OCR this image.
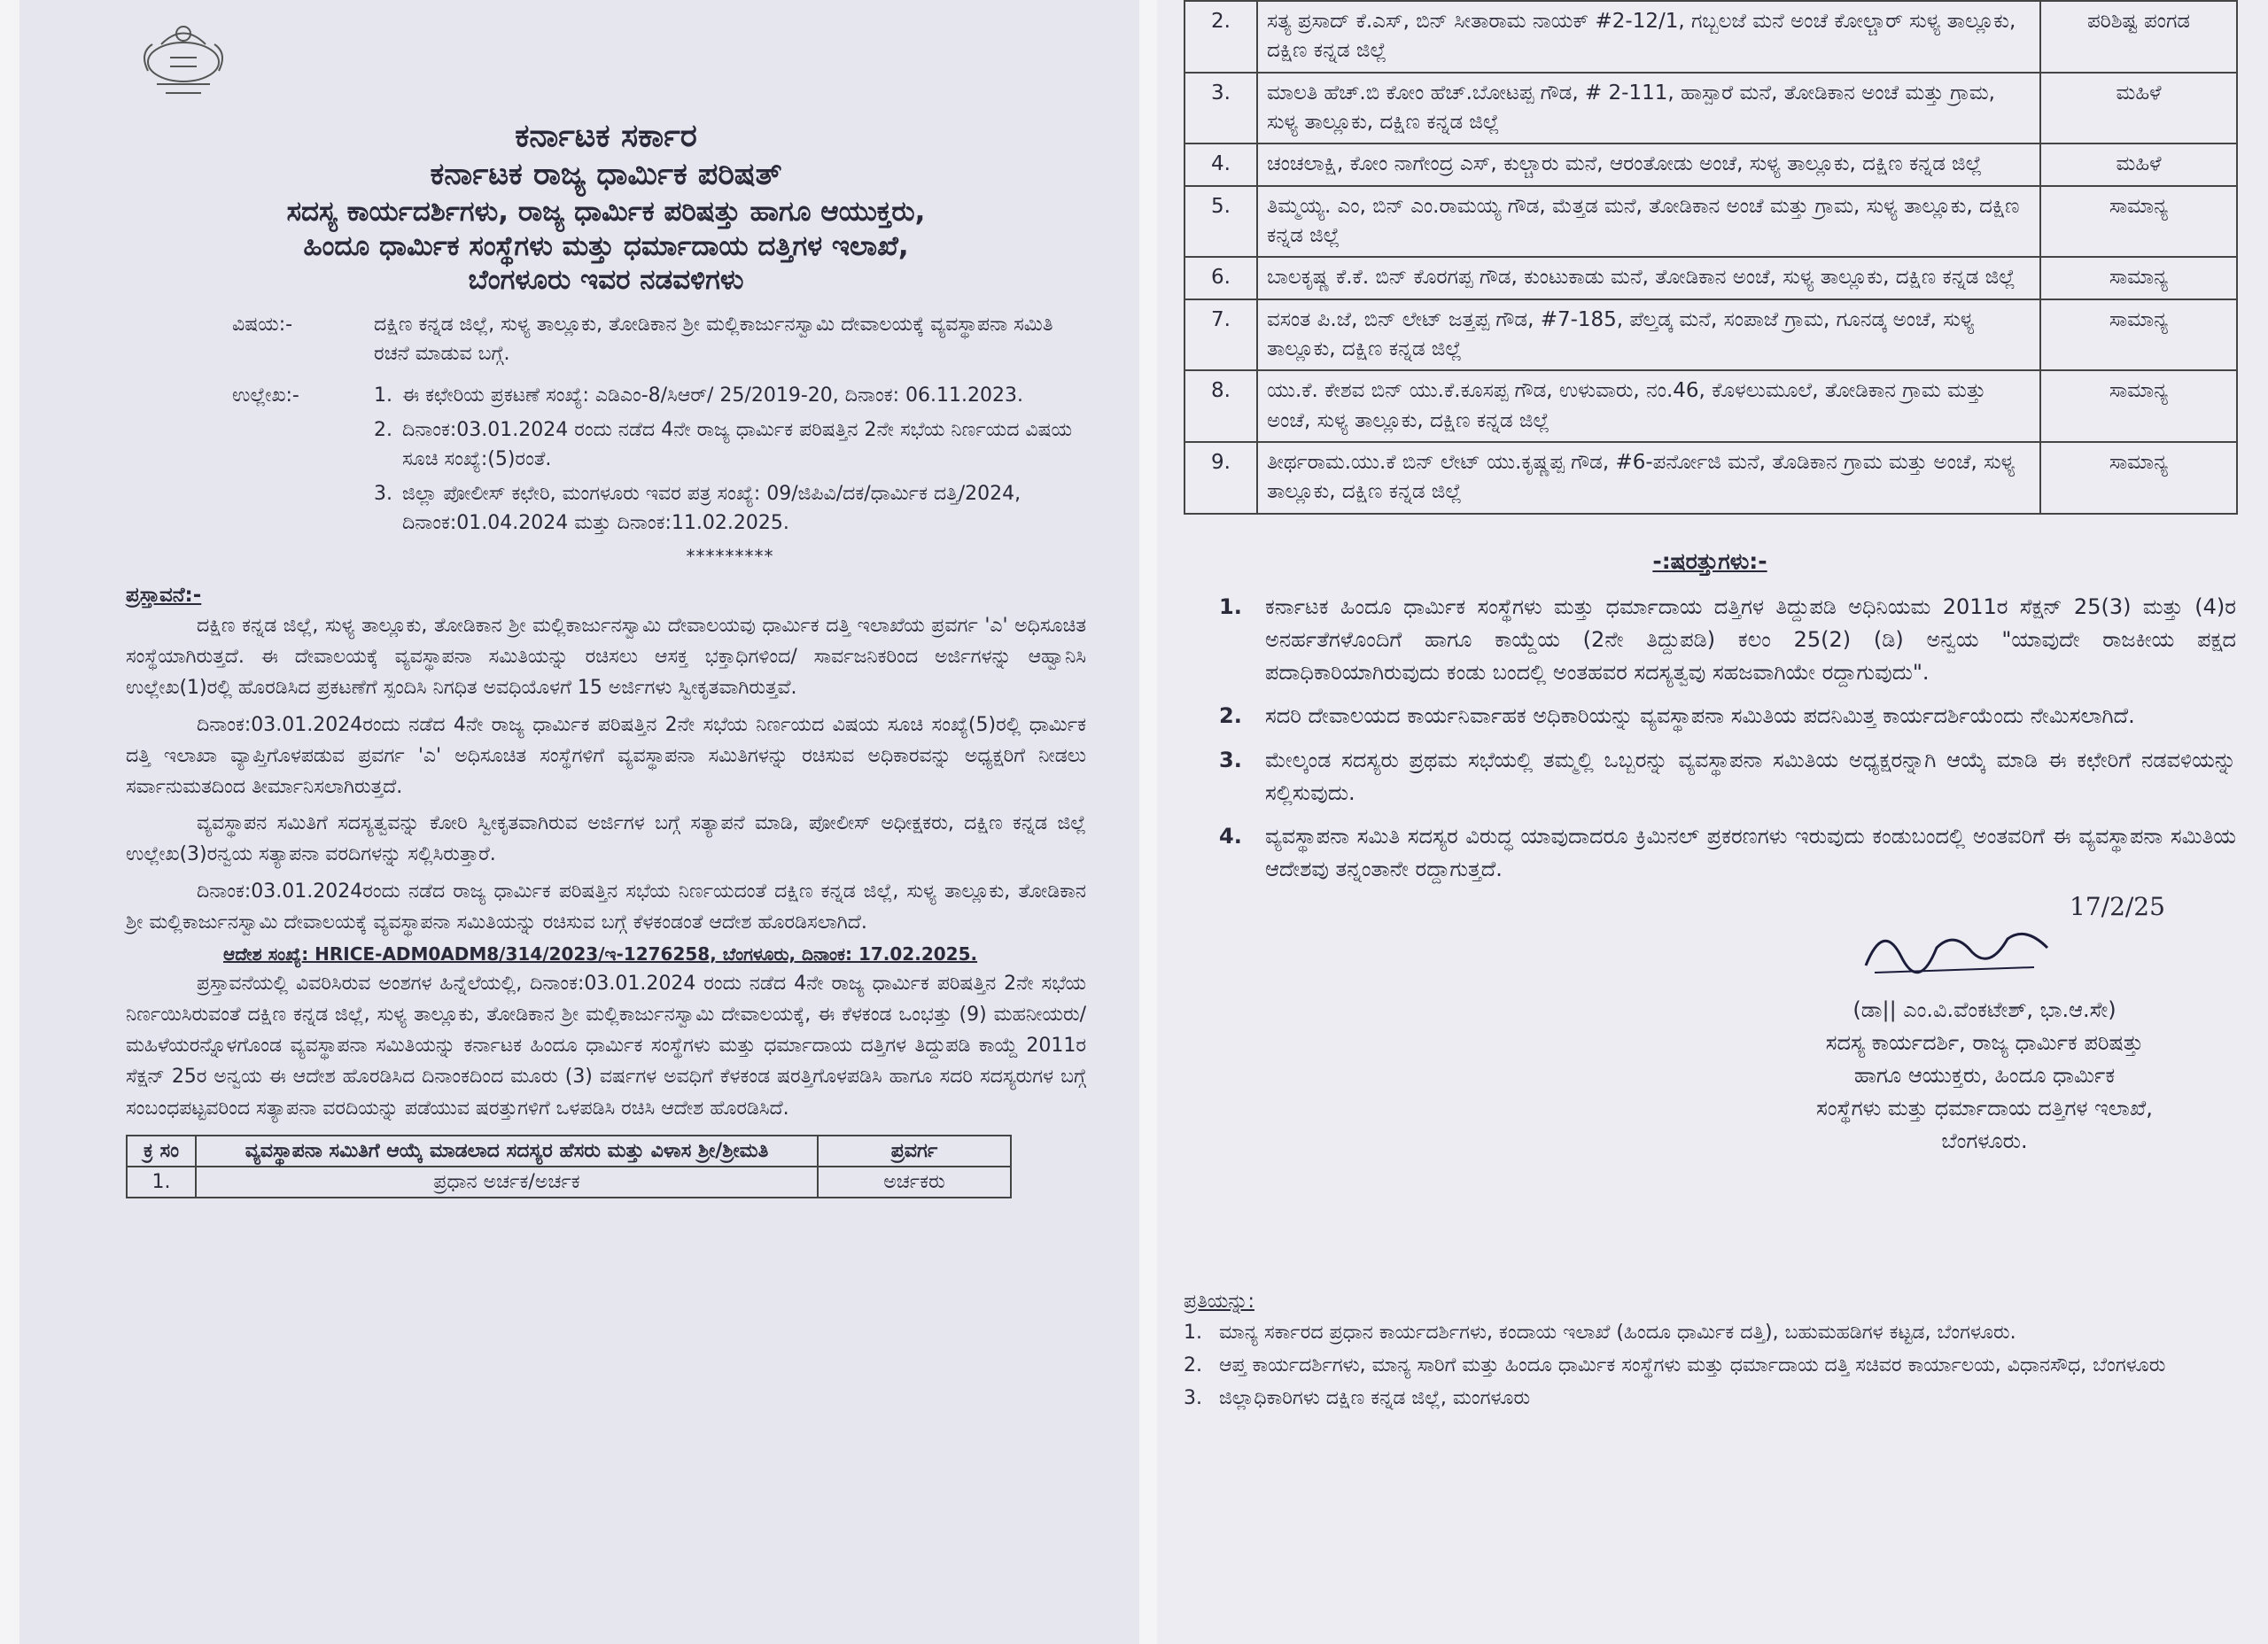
ಕರ್ನಾಟಕ ಸರ್ಕಾರ
ಕರ್ನಾಟಕ ರಾಜ್ಯ ಧಾರ್ಮಿಕ ಪರಿಷತ್
ಸದಸ್ಯ ಕಾರ್ಯದರ್ಶಿಗಳು, ರಾಜ್ಯ ಧಾರ್ಮಿಕ ಪರಿಷತ್ತು ಹಾಗೂ ಆಯುಕ್ತರು,
ಹಿಂದೂ ಧಾರ್ಮಿಕ ಸಂಸ್ಥೆಗಳು ಮತ್ತು ಧರ್ಮಾದಾಯ ದತ್ತಿಗಳ ಇಲಾಖೆ,
ಬೆಂಗಳೂರು ಇವರ ನಡವಳಿಗಳು
ವಿಷಯ:-	ದಕ್ಷಿಣ ಕನ್ನಡ ಜಿಲ್ಲೆ, ಸುಳ್ಯ ತಾಲ್ಲೂಕು, ತೋಡಿಕಾನ ಶ್ರೀ ಮಲ್ಲಿಕಾರ್ಜುನಸ್ವಾಮಿ ದೇವಾಲಯಕ್ಕೆ ವ್ಯವಸ್ಥಾಪನಾ ಸಮಿತಿ ರಚನೆ ಮಾಡುವ ಬಗ್ಗೆ.
ಉಲ್ಲೇಖ:-	1. ಈ ಕಛೇರಿಯ ಪ್ರಕಟಣೆ ಸಂಖ್ಯೆ: ಎಡಿಎಂ-8/ಸಿಆರ್/ 25/2019-20, ದಿನಾಂಕ: 06.11.2023.
2. ದಿನಾಂಕ:03.01.2024 ರಂದು ನಡೆದ 4ನೇ ರಾಜ್ಯ ಧಾರ್ಮಿಕ ಪರಿಷತ್ತಿನ 2ನೇ ಸಭೆಯ ನಿರ್ಣಯದ ವಿಷಯ ಸೂಚಿ ಸಂಖ್ಯೆ:(5)ರಂತೆ.
3. ಜಿಲ್ಲಾ ಪೋಲೀಸ್ ಕಛೇರಿ, ಮಂಗಳೂರು ಇವರ ಪತ್ರ ಸಂಖ್ಯೆ: 09/ಜಿಪಿವಿ/ದಕ/ಧಾರ್ಮಿಕ ದತ್ತಿ/2024, ದಿನಾಂಕ:01.04.2024 ಮತ್ತು ದಿನಾಂಕ:11.02.2025.
*********
ಪ್ರಸ್ತಾವನೆ:-

ದಕ್ಷಿಣ ಕನ್ನಡ ಜಿಲ್ಲೆ, ಸುಳ್ಯ ತಾಲ್ಲೂಕು, ತೋಡಿಕಾನ ಶ್ರೀ ಮಲ್ಲಿಕಾರ್ಜುನಸ್ವಾಮಿ ದೇವಾಲಯವು ಧಾರ್ಮಿಕ ದತ್ತಿ ಇಲಾಖೆಯ ಪ್ರವರ್ಗ 'ಎ' ಅಧಿಸೂಚಿತ ಸಂಸ್ಥೆಯಾಗಿರುತ್ತದೆ. ಈ ದೇವಾಲಯಕ್ಕೆ ವ್ಯವಸ್ಥಾಪನಾ ಸಮಿತಿಯನ್ನು ರಚಿಸಲು ಆಸಕ್ತ ಭಕ್ತಾಧಿಗಳಿಂದ/ ಸಾರ್ವಜನಿಕರಿಂದ ಅರ್ಜಿಗಳನ್ನು ಆಹ್ವಾನಿಸಿ ಉಲ್ಲೇಖ(1)ರಲ್ಲಿ ಹೊರಡಿಸಿದ ಪ್ರಕಟಣೆಗೆ ಸ್ಪಂದಿಸಿ ನಿಗಧಿತ ಅವಧಿಯೊಳಗೆ 15 ಅರ್ಜಿಗಳು ಸ್ವೀಕೃತವಾಗಿರುತ್ತವೆ.

ದಿನಾಂಕ:03.01.2024ರಂದು ನಡೆದ 4ನೇ ರಾಜ್ಯ ಧಾರ್ಮಿಕ ಪರಿಷತ್ತಿನ 2ನೇ ಸಭೆಯ ನಿರ್ಣಯದ ವಿಷಯ ಸೂಚಿ ಸಂಖ್ಯೆ(5)ರಲ್ಲಿ ಧಾರ್ಮಿಕ ದತ್ತಿ ಇಲಾಖಾ ವ್ಯಾಪ್ತಿಗೊಳಪಡುವ ಪ್ರವರ್ಗ 'ಎ' ಅಧಿಸೂಚಿತ ಸಂಸ್ಥೆಗಳಿಗೆ ವ್ಯವಸ್ಥಾಪನಾ ಸಮಿತಿಗಳನ್ನು ರಚಿಸುವ ಅಧಿಕಾರವನ್ನು ಅಧ್ಯಕ್ಷರಿಗೆ ನೀಡಲು ಸರ್ವಾನುಮತದಿಂದ ತೀರ್ಮಾನಿಸಲಾಗಿರುತ್ತದೆ.

ವ್ಯವಸ್ಥಾಪನ ಸಮಿತಿಗೆ ಸದಸ್ಯತ್ವವನ್ನು ಕೋರಿ ಸ್ವೀಕೃತವಾಗಿರುವ ಅರ್ಜಿಗಳ ಬಗ್ಗೆ ಸತ್ಯಾಪನೆ ಮಾಡಿ, ಪೋಲೀಸ್ ಅಧೀಕ್ಷಕರು, ದಕ್ಷಿಣ ಕನ್ನಡ ಜಿಲ್ಲೆ ಉಲ್ಲೇಖ(3)ರನ್ವಯ ಸತ್ಯಾಪನಾ ವರದಿಗಳನ್ನು ಸಲ್ಲಿಸಿರುತ್ತಾರೆ.

ದಿನಾಂಕ:03.01.2024ರಂದು ನಡೆದ ರಾಜ್ಯ ಧಾರ್ಮಿಕ ಪರಿಷತ್ತಿನ ಸಭೆಯ ನಿರ್ಣಯದಂತೆ ದಕ್ಷಿಣ ಕನ್ನಡ ಜಿಲ್ಲೆ, ಸುಳ್ಯ ತಾಲ್ಲೂಕು, ತೋಡಿಕಾನ ಶ್ರೀ ಮಲ್ಲಿಕಾರ್ಜುನಸ್ವಾಮಿ ದೇವಾಲಯಕ್ಕೆ ವ್ಯವಸ್ಥಾಪನಾ ಸಮಿತಿಯನ್ನು ರಚಿಸುವ ಬಗ್ಗೆ ಕೆಳಕಂಡಂತೆ ಆದೇಶ ಹೊರಡಿಸಲಾಗಿದೆ.

ಆದೇಶ ಸಂಖ್ಯೆ: HRICE-ADM0ADM8/314/2023/ಇ-1276258, ಬೆಂಗಳೂರು, ದಿನಾಂಕ: 17.02.2025.

ಪ್ರಸ್ತಾವನೆಯಲ್ಲಿ ವಿವರಿಸಿರುವ ಅಂಶಗಳ ಹಿನ್ನೆಲೆಯಲ್ಲಿ, ದಿನಾಂಕ:03.01.2024 ರಂದು ನಡೆದ 4ನೇ ರಾಜ್ಯ ಧಾರ್ಮಿಕ ಪರಿಷತ್ತಿನ 2ನೇ ಸಭೆಯ ನಿರ್ಣಯಿಸಿರುವಂತೆ ದಕ್ಷಿಣ ಕನ್ನಡ ಜಿಲ್ಲೆ, ಸುಳ್ಯ ತಾಲ್ಲೂಕು, ತೋಡಿಕಾನ ಶ್ರೀ ಮಲ್ಲಿಕಾರ್ಜುನಸ್ವಾಮಿ ದೇವಾಲಯಕ್ಕೆ, ಈ ಕೆಳಕಂಡ ಒಂಭತ್ತು (9) ಮಹನೀಯರು/ಮಹಿಳೆಯರನ್ನೊಳಗೊಂಡ ವ್ಯವಸ್ಥಾಪನಾ ಸಮಿತಿಯನ್ನು ಕರ್ನಾಟಕ ಹಿಂದೂ ಧಾರ್ಮಿಕ ಸಂಸ್ಥೆಗಳು ಮತ್ತು ಧರ್ಮಾದಾಯ ದತ್ತಿಗಳ ತಿದ್ದುಪಡಿ ಕಾಯ್ದೆ 2011ರ ಸೆಕ್ಷನ್ 25ರ ಅನ್ವಯ ಈ ಆದೇಶ ಹೊರಡಿಸಿದ ದಿನಾಂಕದಿಂದ ಮೂರು (3) ವರ್ಷಗಳ ಅವಧಿಗೆ ಕೆಳಕಂಡ ಷರತ್ತಿಗೊಳಪಡಿಸಿ ಹಾಗೂ ಸದರಿ ಸದಸ್ಯರುಗಳ ಬಗ್ಗೆ ಸಂಬಂಧಪಟ್ಟವರಿಂದ ಸತ್ಯಾಪನಾ ವರದಿಯನ್ನು ಪಡೆಯುವ ಷರತ್ತುಗಳಿಗೆ ಒಳಪಡಿಸಿ ರಚಿಸಿ ಆದೇಶ ಹೊರಡಿಸಿದೆ.

ಕ್ರ ಸಂ	ವ್ಯವಸ್ಥಾಪನಾ ಸಮಿತಿಗೆ ಆಯ್ಕೆ ಮಾಡಲಾದ ಸದಸ್ಯರ ಹೆಸರು ಮತ್ತು ವಿಳಾಸ ಶ್ರೀ/ಶ್ರೀಮತಿ	ಪ್ರವರ್ಗ
1.	ಪ್ರಧಾನ ಅರ್ಚಕ/ಅರ್ಚಕ	ಅರ್ಚಕರು
2.	ಸತ್ಯ ಪ್ರಸಾದ್ ಕೆ.ಎಸ್, ಬಿನ್ ಸೀತಾರಾಮ ನಾಯಕ್ #2-12/1, ಗಬ್ಬಲಜೆ ಮನೆ ಅಂಚೆ ಕೋಲ್ಚಾರ್ ಸುಳ್ಯ ತಾಲ್ಲೂಕು, ದಕ್ಷಿಣ ಕನ್ನಡ ಜಿಲ್ಲೆ	ಪರಿಶಿಷ್ಟ ಪಂಗಡ
3.	ಮಾಲತಿ ಹೆಚ್.ಬಿ ಕೋಂ ಹೆಚ್.ಬೋಟಪ್ಪ ಗೌಡ, # 2-111, ಹಾಸ್ಪಾರೆ ಮನೆ, ತೋಡಿಕಾನ ಅಂಚೆ ಮತ್ತು ಗ್ರಾಮ, ಸುಳ್ಯ ತಾಲ್ಲೂಕು, ದಕ್ಷಿಣ ಕನ್ನಡ ಜಿಲ್ಲೆ	ಮಹಿಳೆ
4.	ಚಂಚಲಾಕ್ಷಿ, ಕೋಂ ನಾಗೇಂದ್ರ ಎಸ್, ಕುಲ್ಚಾರು ಮನೆ, ಆರಂತೋಡು ಅಂಚೆ, ಸುಳ್ಯ ತಾಲ್ಲೂಕು, ದಕ್ಷಿಣ ಕನ್ನಡ ಜಿಲ್ಲೆ	ಮಹಿಳೆ
5.	ತಿಮ್ಮಯ್ಯ. ಎಂ, ಬಿನ್ ಎಂ.ರಾಮಯ್ಯ ಗೌಡ, ಮೆತ್ತಡ ಮನೆ, ತೋಡಿಕಾನ ಅಂಚೆ ಮತ್ತು ಗ್ರಾಮ, ಸುಳ್ಯ ತಾಲ್ಲೂಕು, ದಕ್ಷಿಣ ಕನ್ನಡ ಜಿಲ್ಲೆ	ಸಾಮಾನ್ಯ
6.	ಬಾಲಕೃಷ್ಣ ಕೆ.ಕೆ. ಬಿನ್ ಕೊರಗಪ್ಪ ಗೌಡ, ಕುಂಟುಕಾಡು ಮನೆ, ತೋಡಿಕಾನ ಅಂಚೆ, ಸುಳ್ಯ ತಾಲ್ಲೂಕು, ದಕ್ಷಿಣ ಕನ್ನಡ ಜಿಲ್ಲೆ	ಸಾಮಾನ್ಯ
7.	ವಸಂತ ಪಿ.ಜೆ, ಬಿನ್ ಲೇಟ್ ಜತ್ತಪ್ಪ ಗೌಡ, #7-185, ಪೆಲ್ತಡ್ಕ ಮನೆ, ಸಂಪಾಜೆ ಗ್ರಾಮ, ಗೂನಡ್ಕ ಅಂಚೆ, ಸುಳ್ಯ ತಾಲ್ಲೂಕು, ದಕ್ಷಿಣ ಕನ್ನಡ ಜಿಲ್ಲೆ	ಸಾಮಾನ್ಯ
8.	ಯು.ಕೆ. ಕೇಶವ ಬಿನ್ ಯು.ಕೆ.ಕೂಸಪ್ಪ ಗೌಡ, ಉಳುವಾರು, ನಂ.46, ಕೊಳಲುಮೂಲೆ, ತೋಡಿಕಾನ ಗ್ರಾಮ ಮತ್ತು ಅಂಚೆ, ಸುಳ್ಯ ತಾಲ್ಲೂಕು, ದಕ್ಷಿಣ ಕನ್ನಡ ಜಿಲ್ಲೆ	ಸಾಮಾನ್ಯ
9.	ತೀರ್ಥರಾಮ.ಯು.ಕೆ ಬಿನ್ ಲೇಟ್ ಯು.ಕೃಷ್ಣಪ್ಪ ಗೌಡ, #6-ಪರ್ನೋಜಿ ಮನೆ, ತೊಡಿಕಾನ ಗ್ರಾಮ ಮತ್ತು ಅಂಚೆ, ಸುಳ್ಯ ತಾಲ್ಲೂಕು, ದಕ್ಷಿಣ ಕನ್ನಡ ಜಿಲ್ಲೆ	ಸಾಮಾನ್ಯ
-:ಷರತ್ತುಗಳು:-
1.	ಕರ್ನಾಟಕ ಹಿಂದೂ ಧಾರ್ಮಿಕ ಸಂಸ್ಥೆಗಳು ಮತ್ತು ಧರ್ಮಾದಾಯ ದತ್ತಿಗಳ ತಿದ್ದುಪಡಿ ಅಧಿನಿಯಮ 2011ರ ಸೆಕ್ಷನ್ 25(3) ಮತ್ತು (4)ರ ಅನರ್ಹತೆಗಳೊಂದಿಗೆ ಹಾಗೂ ಕಾಯ್ದೆಯ (2ನೇ ತಿದ್ದುಪಡಿ) ಕಲಂ 25(2) (ಡಿ) ಅನ್ವಯ "ಯಾವುದೇ ರಾಜಕೀಯ ಪಕ್ಷದ ಪದಾಧಿಕಾರಿಯಾಗಿರುವುದು ಕಂಡು ಬಂದಲ್ಲಿ ಅಂತಹವರ ಸದಸ್ಯತ್ವವು ಸಹಜವಾಗಿಯೇ ರದ್ದಾಗುವುದು".
2.	ಸದರಿ ದೇವಾಲಯದ ಕಾರ್ಯನಿರ್ವಾಹಕ ಅಧಿಕಾರಿಯನ್ನು ವ್ಯವಸ್ಥಾಪನಾ ಸಮಿತಿಯ ಪದನಿಮಿತ್ತ ಕಾರ್ಯದರ್ಶಿಯೆಂದು ನೇಮಿಸಲಾಗಿದೆ.
3.	ಮೇಲ್ಕಂಡ ಸದಸ್ಯರು ಪ್ರಥಮ ಸಭೆಯಲ್ಲಿ ತಮ್ಮಲ್ಲಿ ಒಬ್ಬರನ್ನು ವ್ಯವಸ್ಥಾಪನಾ ಸಮಿತಿಯ ಅಧ್ಯಕ್ಷರನ್ನಾಗಿ ಆಯ್ಕೆ ಮಾಡಿ ಈ ಕಛೇರಿಗೆ ನಡವಳಿಯನ್ನು ಸಲ್ಲಿಸುವುದು.
4.	ವ್ಯವಸ್ಥಾಪನಾ ಸಮಿತಿ ಸದಸ್ಯರ ವಿರುದ್ಧ ಯಾವುದಾದರೂ ಕ್ರಿಮಿನಲ್ ಪ್ರಕರಣಗಳು ಇರುವುದು ಕಂಡುಬಂದಲ್ಲಿ ಅಂತವರಿಗೆ ಈ ವ್ಯವಸ್ಥಾಪನಾ ಸಮಿತಿಯ ಆದೇಶವು ತನ್ನಂತಾನೇ ರದ್ದಾಗುತ್ತದೆ.
17/2/25
(ಡಾ|| ಎಂ.ವಿ.ವೆಂಕಟೇಶ್, ಭಾ.ಆ.ಸೇ)
ಸದಸ್ಯ ಕಾರ್ಯದರ್ಶಿ, ರಾಜ್ಯ ಧಾರ್ಮಿಕ ಪರಿಷತ್ತು
ಹಾಗೂ ಆಯುಕ್ತರು, ಹಿಂದೂ ಧಾರ್ಮಿಕ
ಸಂಸ್ಥೆಗಳು ಮತ್ತು ಧರ್ಮಾದಾಯ ದತ್ತಿಗಳ ಇಲಾಖೆ,
ಬೆಂಗಳೂರು.
ಪ್ರತಿಯನ್ನು:
1. ಮಾನ್ಯ ಸರ್ಕಾರದ ಪ್ರಧಾನ ಕಾರ್ಯದರ್ಶಿಗಳು, ಕಂದಾಯ ಇಲಾಖೆ (ಹಿಂದೂ ಧಾರ್ಮಿಕ ದತ್ತಿ), ಬಹುಮಹಡಿಗಳ ಕಟ್ಟಡ, ಬೆಂಗಳೂರು.
2. ಆಪ್ತ ಕಾರ್ಯದರ್ಶಿಗಳು, ಮಾನ್ಯ ಸಾರಿಗೆ ಮತ್ತು ಹಿಂದೂ ಧಾರ್ಮಿಕ ಸಂಸ್ಥೆಗಳು ಮತ್ತು ಧರ್ಮಾದಾಯ ದತ್ತಿ ಸಚಿವರ ಕಾರ್ಯಾಲಯ, ವಿಧಾನಸೌಧ, ಬೆಂಗಳೂರು
3. ಜಿಲ್ಲಾಧಿಕಾರಿಗಳು ದಕ್ಷಿಣ ಕನ್ನಡ ಜಿಲ್ಲೆ, ಮಂಗಳೂರು
